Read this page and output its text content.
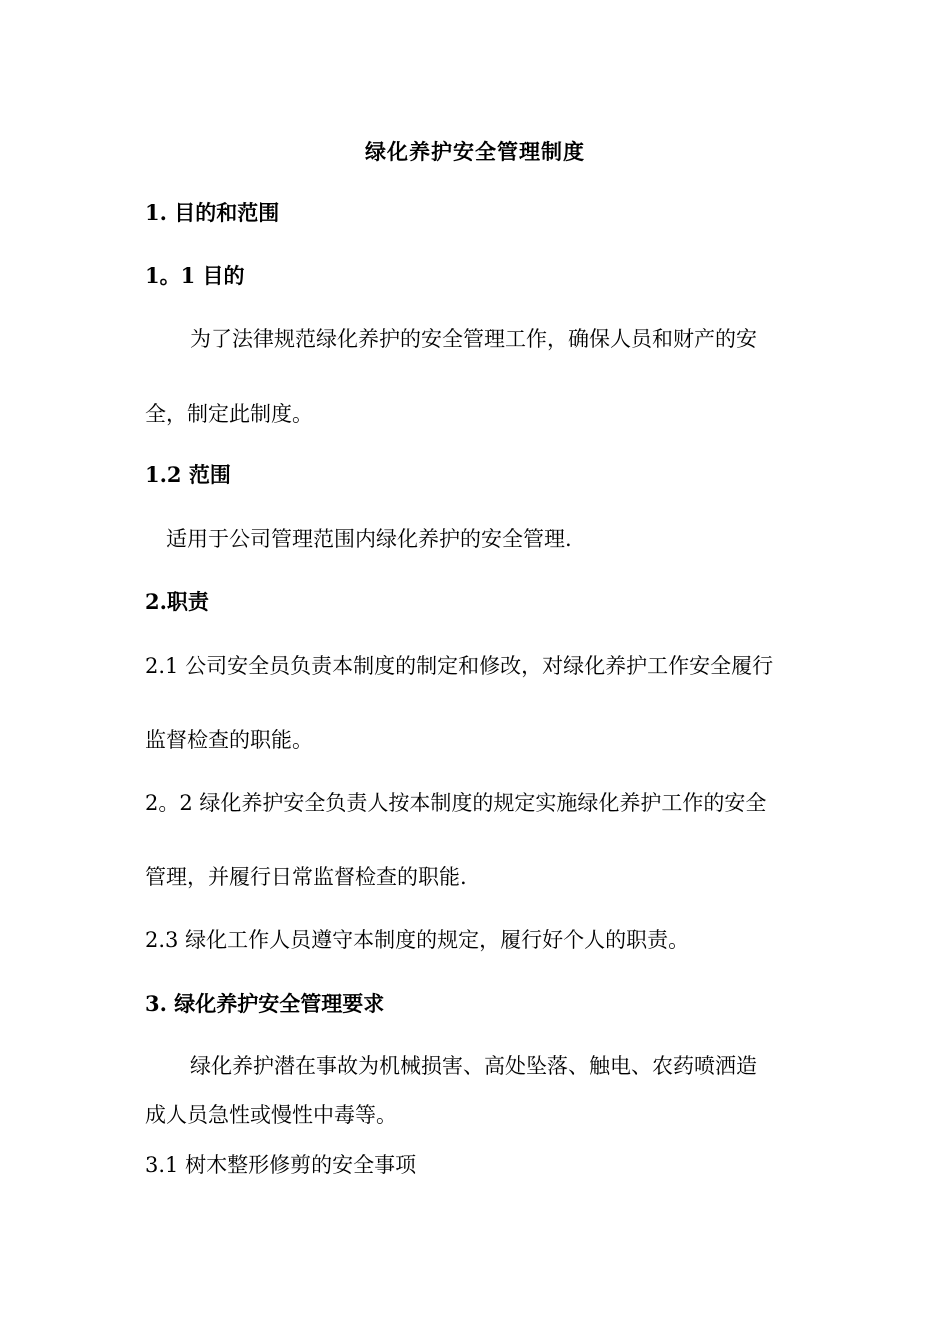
绿化养护安全管理制度
1. 目的和范围
1。1 目的
为了法律规范绿化养护的安全管理工作，确保人员和财产的安
全，制定此制度。
1.2 范围
适用于公司管理范围内绿化养护的安全管理.
2.职责
2.1 公司安全员负责本制度的制定和修改，对绿化养护工作安全履行
监督检查的职能。
2。2 绿化养护安全负责人按本制度的规定实施绿化养护工作的安全
管理，并履行日常监督检查的职能.
2.3 绿化工作人员遵守本制度的规定，履行好个人的职责。
3. 绿化养护安全管理要求
绿化养护潜在事故为机械损害、高处坠落、触电、农药喷洒造
成人员急性或慢性中毒等。
3.1 树木整形修剪的安全事项
